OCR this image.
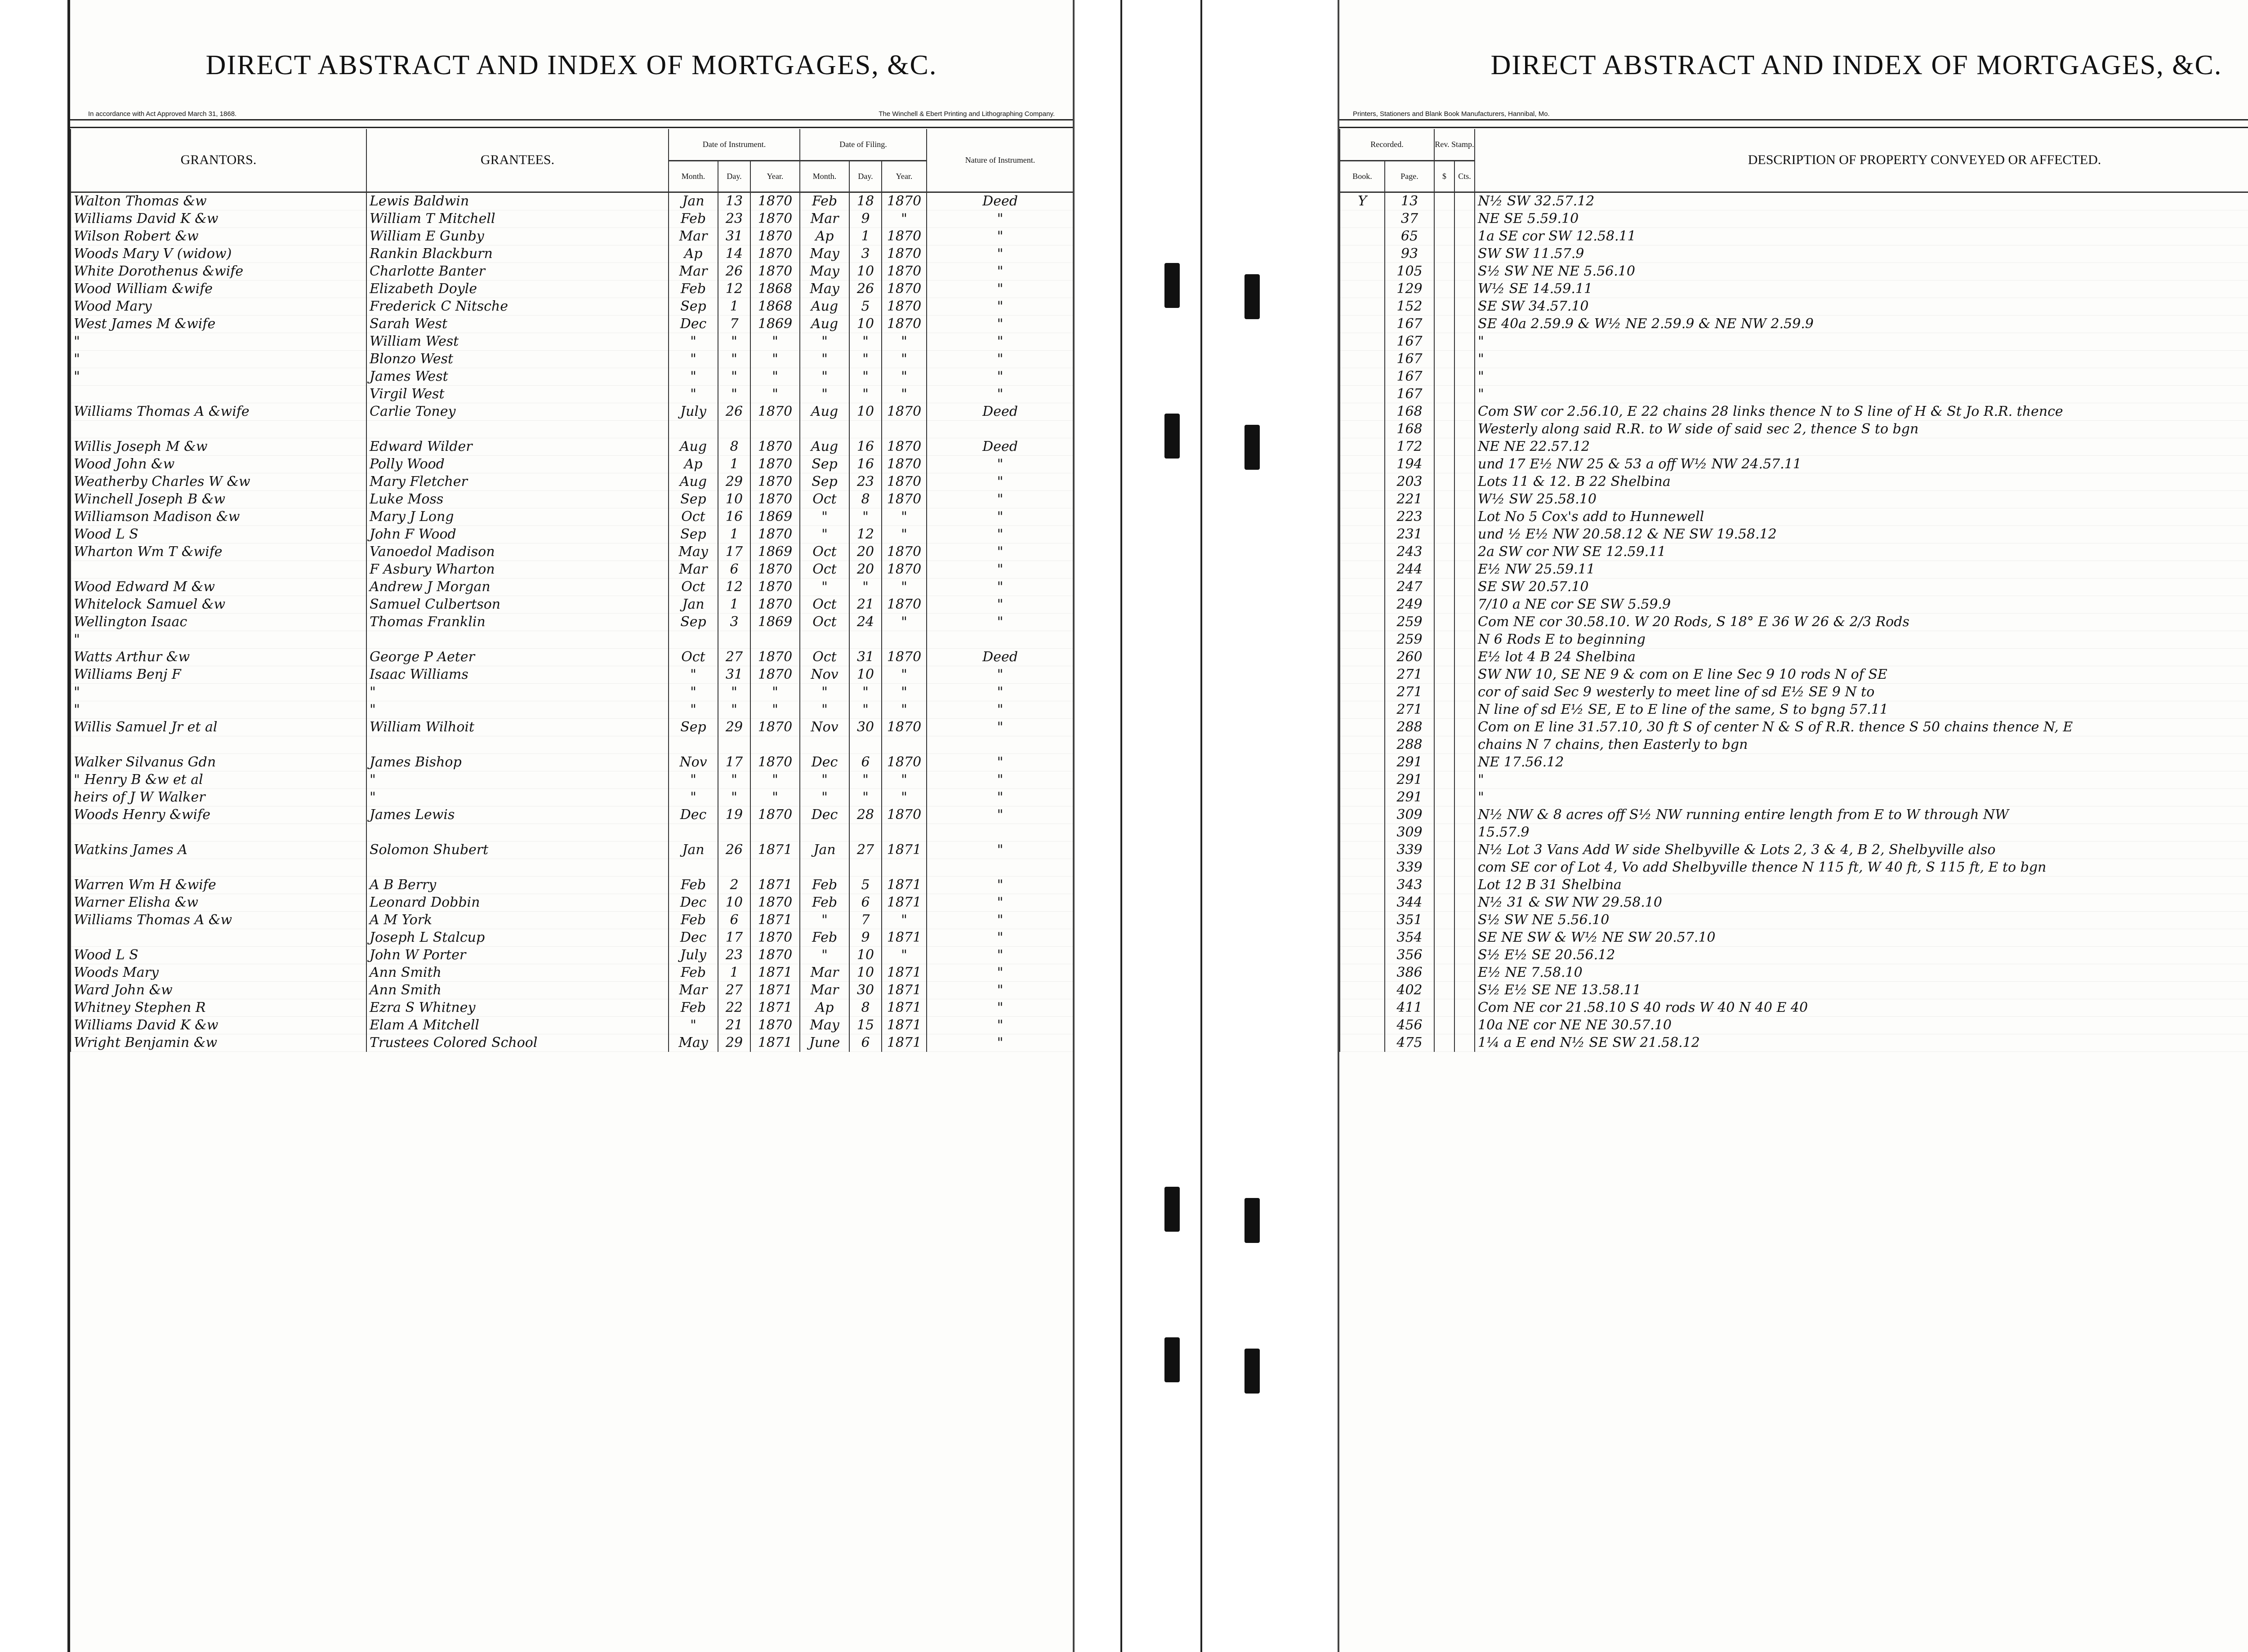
DIRECT ABSTRACT AND INDEX OF MORTGAGES, &C.
In accordance with Act Approved March 31, 1868.	The Winchell & Ebert Printing and Lithographing Company.
GRANTORS.	GRANTEES.	Date of Instrument.			Date of Filing.			Nature of Instrument.
		Month.	Day.	Year.	Month.	Day.	Year.	
Walton Thomas &w	Lewis Baldwin	Jan	13	1870	Feb	18	1870	Deed
Williams David K &w	William T Mitchell	Feb	23	1870	Mar	9	"	"
Wilson Robert &w	William E Gunby	Mar	31	1870	Ap	1	1870	"
Woods Mary V (widow)	Rankin Blackburn	Ap	14	1870	May	3	1870	"
White Dorothenus &wife	Charlotte Banter	Mar	26	1870	May	10	1870	"
Wood William &wife	Elizabeth Doyle	Feb	12	1868	May	26	1870	"
Wood Mary	Frederick C Nitsche	Sep	1	1868	Aug	5	1870	"
West James M &wife	Sarah West	Dec	7	1869	Aug	10	1870	"
"	William West	"	"	"	"	"	"	"
"	Blonzo West	"	"	"	"	"	"	"
"	James West	"	"	"	"	"	"	"
	Virgil West	"	"	"	"	"	"	"
Williams Thomas A &wife	Carlie Toney	July	26	1870	Aug	10	1870	Deed

Willis Joseph M &w	Edward Wilder	Aug	8	1870	Aug	16	1870	Deed
Wood John &w	Polly Wood	Ap	1	1870	Sep	16	1870	"
Weatherby Charles W &w	Mary Fletcher	Aug	29	1870	Sep	23	1870	"
Winchell Joseph B &w	Luke Moss	Sep	10	1870	Oct	8	1870	"
Williamson Madison &w	Mary J Long	Oct	16	1869	"	"	"	"
Wood L S	John F Wood	Sep	1	1870	"	12	"	"
Wharton Wm T &wife	Vanoedol Madison	May	17	1869	Oct	20	1870	"
	F Asbury Wharton	Mar	6	1870	Oct	20	1870	"
Wood Edward M &w	Andrew J Morgan	Oct	12	1870	"	"	"	"
Whitelock Samuel &w	Samuel Culbertson	Jan	1	1870	Oct	21	1870	"
Wellington Isaac	Thomas Franklin	Sep	3	1869	Oct	24	"	"
"								
Watts Arthur &w	George P Aeter	Oct	27	1870	Oct	31	1870	Deed
Williams Benj F	Isaac Williams	"	31	1870	Nov	10	"	"
"	"	"	"	"	"	"	"	"
"	"	"	"	"	"	"	"	"
Willis Samuel Jr et al	William Wilhoit	Sep	29	1870	Nov	30	1870	"

Walker Silvanus Gdn	James Bishop	Nov	17	1870	Dec	6	1870	"
" Henry B &w et al	"	"	"	"	"	"	"	"
heirs of J W Walker	"	"	"	"	"	"	"	"
Woods Henry &wife	James Lewis	Dec	19	1870	Dec	28	1870	"

Watkins James A	Solomon Shubert	Jan	26	1871	Jan	27	1871	"

Warren Wm H &wife	A B Berry	Feb	2	1871	Feb	5	1871	"
Warner Elisha &w	Leonard Dobbin	Dec	10	1870	Feb	6	1871	"
Williams Thomas A &w	A M York	Feb	6	1871	"	7	"	"
	Joseph L Stalcup	Dec	17	1870	Feb	9	1871	"
Wood L S	John W Porter	July	23	1870	"	10	"	"
Woods Mary	Ann Smith	Feb	1	1871	Mar	10	1871	"
Ward John &w	Ann Smith	Mar	27	1871	Mar	30	1871	"
Whitney Stephen R	Ezra S Whitney	Feb	22	1871	Ap	8	1871	"
Williams David K &w	Elam A Mitchell	"	21	1870	May	15	1871	"
Wright Benjamin &w	Trustees Colored School	May	29	1871	June	6	1871	"
DIRECT ABSTRACT AND INDEX OF MORTGAGES, &C.
Printers, Stationers and Blank Book Manufacturers, Hannibal, Mo.
Recorded.		Rev. Stamp.		DESCRIPTION OF PROPERTY CONVEYED OR AFFECTED.
Book.	Page.	$	Cts.	
Y	13			N½ SW 32.57.12
	37			NE SE 5.59.10
	65			1a SE cor SW 12.58.11
	93			SW SW 11.57.9
	105			S½ SW NE NE 5.56.10
	129			W½ SE 14.59.11
	152			SE SW 34.57.10
	167			SE 40a 2.59.9 & W½ NE 2.59.9 & NE NW 2.59.9
	167			"
	167			"
	167			"
	167			"
	168			Com SW cor 2.56.10, E 22 chains 28 links thence N to S line of H & St Jo R.R. thence
	168			Westerly along said R.R. to W side of said sec 2, thence S to bgn
	172			NE NE 22.57.12
	194			und 17 E½ NW 25 & 53 a off W½ NW 24.57.11
	203			Lots 11 & 12. B 22 Shelbina
	221			W½ SW 25.58.10
	223			Lot No 5 Cox's add to Hunnewell
	231			und ½ E½ NW 20.58.12 & NE SW 19.58.12
	243			2a SW cor NW SE 12.59.11
	244			E½ NW 25.59.11
	247			SE SW 20.57.10
	249			7/10 a NE cor SE SW 5.59.9
	259			Com NE cor 30.58.10. W 20 Rods, S 18° E 36 W 26 & 2/3 Rods
	259			N 6 Rods E to beginning
	260			E½ lot 4 B 24 Shelbina
	271			SW NW 10, SE NE 9 & com on E line Sec 9 10 rods N of SE
	271			cor of said Sec 9 westerly to meet line of sd E½ SE 9 N to
	271			N line of sd E½ SE, E to E line of the same, S to bgng 57.11
	288			Com on E line 31.57.10, 30 ft S of center N & S of R.R. thence S 50 chains thence N, E
	288			chains N 7 chains, then Easterly to bgn
	291			NE 17.56.12
	291			"
	291			"
	309			N½ NW & 8 acres off S½ NW running entire length from E to W through NW
	309			15.57.9
	339			N½ Lot 3 Vans Add W side Shelbyville & Lots 2, 3 & 4, B 2, Shelbyville also
	339			com SE cor of Lot 4, Vo add Shelbyville thence N 115 ft, W 40 ft, S 115 ft, E to bgn
	343			Lot 12 B 31 Shelbina
	344			N½ 31 & SW NW 29.58.10
	351			S½ SW NE 5.56.10
	354			SE NE SW & W½ NE SW 20.57.10
	356			S½ E½ SE 20.56.12
	386			E½ NE 7.58.10
	402			S½ E½ SE NE 13.58.11
	411			Com NE cor 21.58.10 S 40 rods W 40 N 40 E 40
	456			10a NE cor NE NE 30.57.10
	475			1¼ a E end N½ SE SW 21.58.12
